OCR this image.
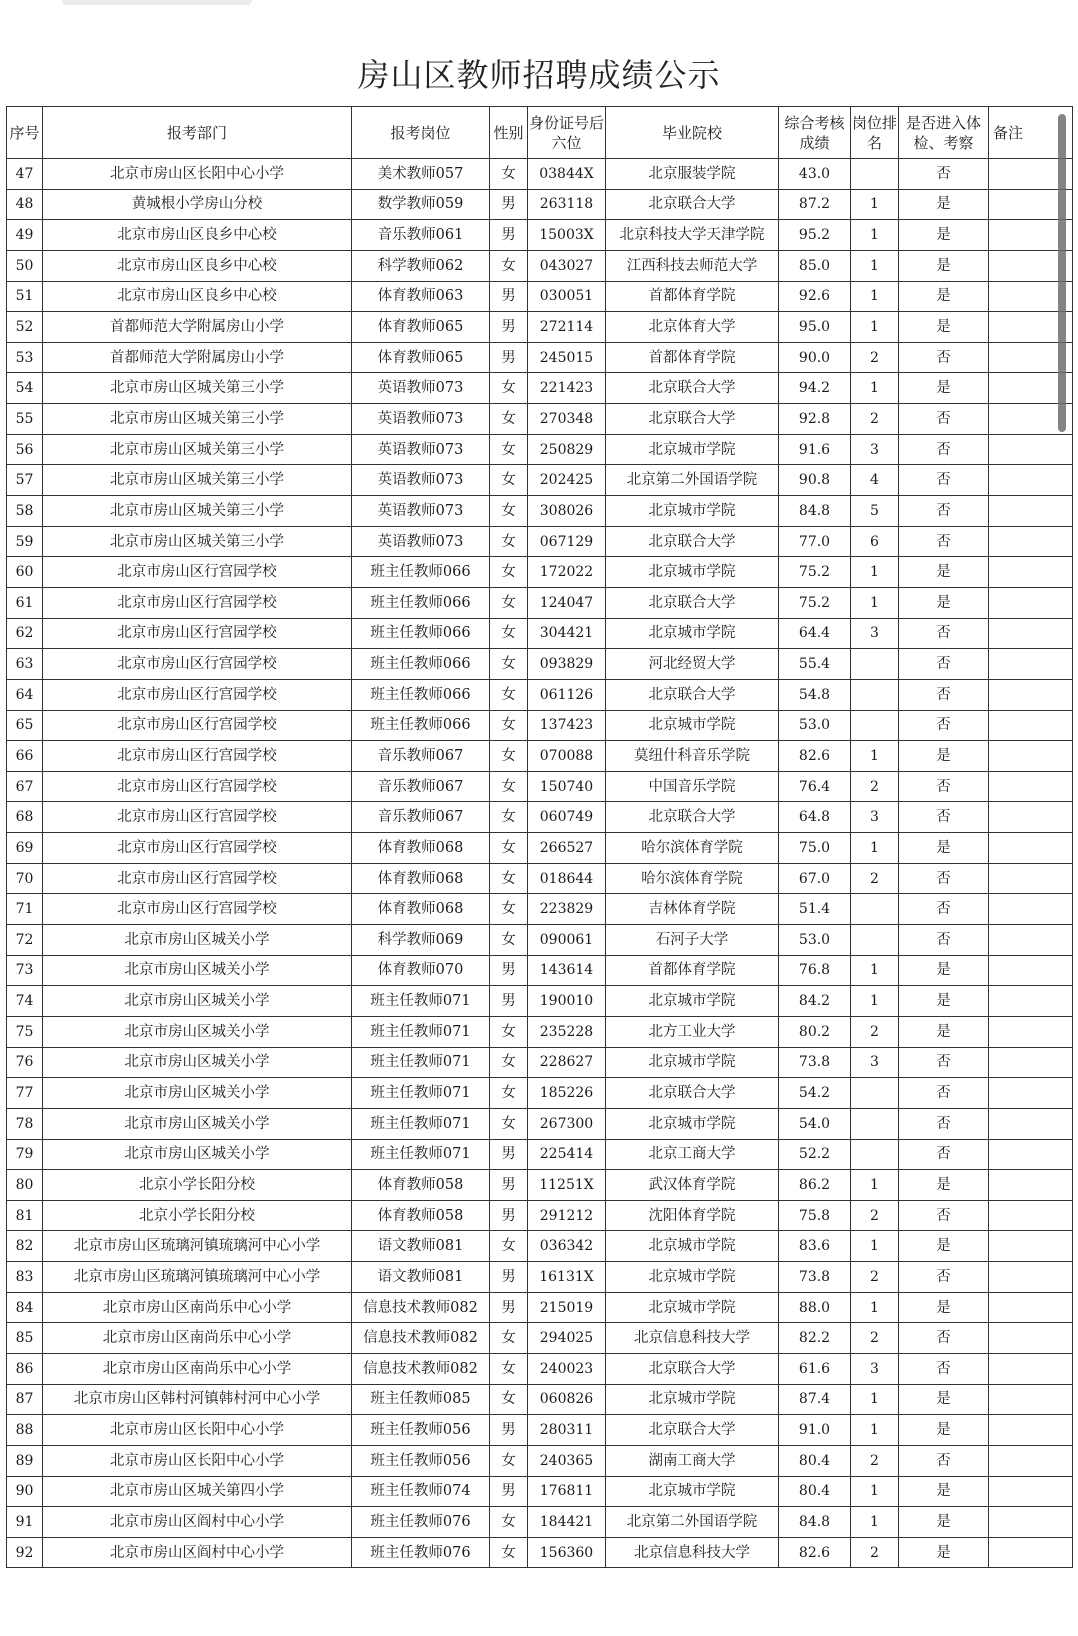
房山区教师招聘成绩公示
序号	报考部门	报考岗位	性别	身份证号后六位	毕业院校	综合考核成绩	岗位排名	是否进入体检、考察	备注
47	北京市房山区长阳中心小学	美术教师057	女	03844X	北京服装学院	43.0		否	
48	黄城根小学房山分校	数学教师059	男	263118	北京联合大学	87.2	1	是	
49	北京市房山区良乡中心校	音乐教师061	男	15003X	北京科技大学天津学院	95.2	1	是	
50	北京市房山区良乡中心校	科学教师062	女	043027	江西科技去师范大学	85.0	1	是	
51	北京市房山区良乡中心校	体育教师063	男	030051	首都体育学院	92.6	1	是	
52	首都师范大学附属房山小学	体育教师065	男	272114	北京体育大学	95.0	1	是	
53	首都师范大学附属房山小学	体育教师065	男	245015	首都体育学院	90.0	2	否	
54	北京市房山区城关第三小学	英语教师073	女	221423	北京联合大学	94.2	1	是	
55	北京市房山区城关第三小学	英语教师073	女	270348	北京联合大学	92.8	2	否	
56	北京市房山区城关第三小学	英语教师073	女	250829	北京城市学院	91.6	3	否	
57	北京市房山区城关第三小学	英语教师073	女	202425	北京第二外国语学院	90.8	4	否	
58	北京市房山区城关第三小学	英语教师073	女	308026	北京城市学院	84.8	5	否	
59	北京市房山区城关第三小学	英语教师073	女	067129	北京联合大学	77.0	6	否	
60	北京市房山区行宫园学校	班主任教师066	女	172022	北京城市学院	75.2	1	是	
61	北京市房山区行宫园学校	班主任教师066	女	124047	北京联合大学	75.2	1	是	
62	北京市房山区行宫园学校	班主任教师066	女	304421	北京城市学院	64.4	3	否	
63	北京市房山区行宫园学校	班主任教师066	女	093829	河北经贸大学	55.4		否	
64	北京市房山区行宫园学校	班主任教师066	女	061126	北京联合大学	54.8		否	
65	北京市房山区行宫园学校	班主任教师066	女	137423	北京城市学院	53.0		否	
66	北京市房山区行宫园学校	音乐教师067	女	070088	莫纽什科音乐学院	82.6	1	是	
67	北京市房山区行宫园学校	音乐教师067	女	150740	中国音乐学院	76.4	2	否	
68	北京市房山区行宫园学校	音乐教师067	女	060749	北京联合大学	64.8	3	否	
69	北京市房山区行宫园学校	体育教师068	女	266527	哈尔滨体育学院	75.0	1	是	
70	北京市房山区行宫园学校	体育教师068	女	018644	哈尔滨体育学院	67.0	2	否	
71	北京市房山区行宫园学校	体育教师068	女	223829	吉林体育学院	51.4		否	
72	北京市房山区城关小学	科学教师069	女	090061	石河子大学	53.0		否	
73	北京市房山区城关小学	体育教师070	男	143614	首都体育学院	76.8	1	是	
74	北京市房山区城关小学	班主任教师071	男	190010	北京城市学院	84.2	1	是	
75	北京市房山区城关小学	班主任教师071	女	235228	北方工业大学	80.2	2	是	
76	北京市房山区城关小学	班主任教师071	女	228627	北京城市学院	73.8	3	否	
77	北京市房山区城关小学	班主任教师071	女	185226	北京联合大学	54.2		否	
78	北京市房山区城关小学	班主任教师071	女	267300	北京城市学院	54.0		否	
79	北京市房山区城关小学	班主任教师071	男	225414	北京工商大学	52.2		否	
80	北京小学长阳分校	体育教师058	男	11251X	武汉体育学院	86.2	1	是	
81	北京小学长阳分校	体育教师058	男	291212	沈阳体育学院	75.8	2	否	
82	北京市房山区琉璃河镇琉璃河中心小学	语文教师081	女	036342	北京城市学院	83.6	1	是	
83	北京市房山区琉璃河镇琉璃河中心小学	语文教师081	男	16131X	北京城市学院	73.8	2	否	
84	北京市房山区南尚乐中心小学	信息技术教师082	男	215019	北京城市学院	88.0	1	是	
85	北京市房山区南尚乐中心小学	信息技术教师082	女	294025	北京信息科技大学	82.2	2	否	
86	北京市房山区南尚乐中心小学	信息技术教师082	女	240023	北京联合大学	61.6	3	否	
87	北京市房山区韩村河镇韩村河中心小学	班主任教师085	女	060826	北京城市学院	87.4	1	是	
88	北京市房山区长阳中心小学	班主任教师056	男	280311	北京联合大学	91.0	1	是	
89	北京市房山区长阳中心小学	班主任教师056	女	240365	湖南工商大学	80.4	2	否	
90	北京市房山区城关第四小学	班主任教师074	男	176811	北京城市学院	80.4	1	是	
91	北京市房山区阎村中心小学	班主任教师076	女	184421	北京第二外国语学院	84.8	1	是	
92	北京市房山区阎村中心小学	班主任教师076	女	156360	北京信息科技大学	82.6	2	是	
